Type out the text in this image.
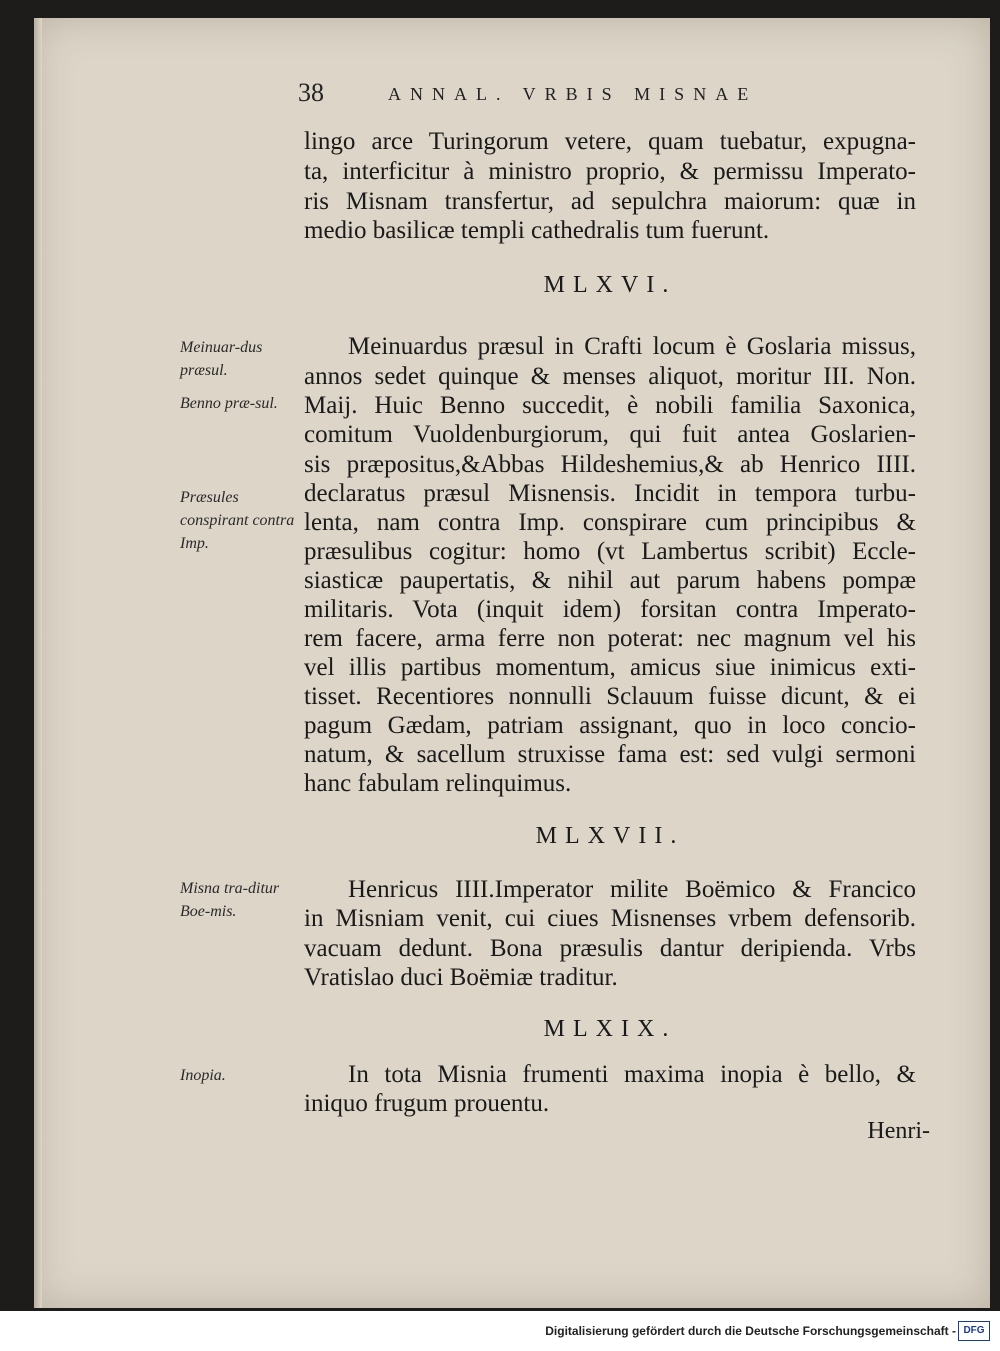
38	ANNAL. VRBIS MISNAE
lingo arce Turingorum vetere, quam tuebatur, expugna-
ta, interficitur à ministro proprio, & permissu Imperato-
ris Misnam transfertur, ad sepulchra maiorum: quæ in
medio basilicæ templi cathedralis tum fuerunt.
MLXVI.
Meinuardus præsul in Crafti locum è Goslaria missus,
annos sedet quinque & menses aliquot, moritur III. Non.
Maij. Huic Benno succedit, è nobili familia Saxonica,
comitum Vuoldenburgiorum, qui fuit antea Goslarien-
sis præpositus,&Abbas Hildeshemius,& ab Henrico IIII.
declaratus præsul Misnensis. Incidit in tempora turbu-
lenta, nam contra Imp. conspirare cum principibus &
præsulibus cogitur: homo (vt Lambertus scribit) Eccle-
siasticæ paupertatis, & nihil aut parum habens pompæ
militaris. Vota (inquit idem) forsitan contra Imperato-
rem facere, arma ferre non poterat: nec magnum vel his
vel illis partibus momentum, amicus siue inimicus exti-
tisset. Recentiores nonnulli Sclauum fuisse dicunt, & ei
pagum Gædam, patriam assignant, quo in loco concio-
natum, & sacellum struxisse fama est: sed vulgi sermoni
hanc fabulam relinquimus.
Meinuar-dus præsul.
Benno præ-sul.
Præsules conspirant contra Imp.
MLXVII.
Henricus IIII.Imperator milite Boëmico & Francico
in Misniam venit, cui ciues Misnenses vrbem defensorib.
vacuam dedunt. Bona præsulis dantur deripienda. Vrbs
Vratislao duci Boëmiæ traditur.
Misna tra-ditur Boe-mis.
MLXIX.
In tota Misnia frumenti maxima inopia è bello, &
iniquo frugum prouentu.
Inopia.
Henri-
Digitalisierung gefördert durch die Deutsche Forschungsgemeinschaft - DFG
